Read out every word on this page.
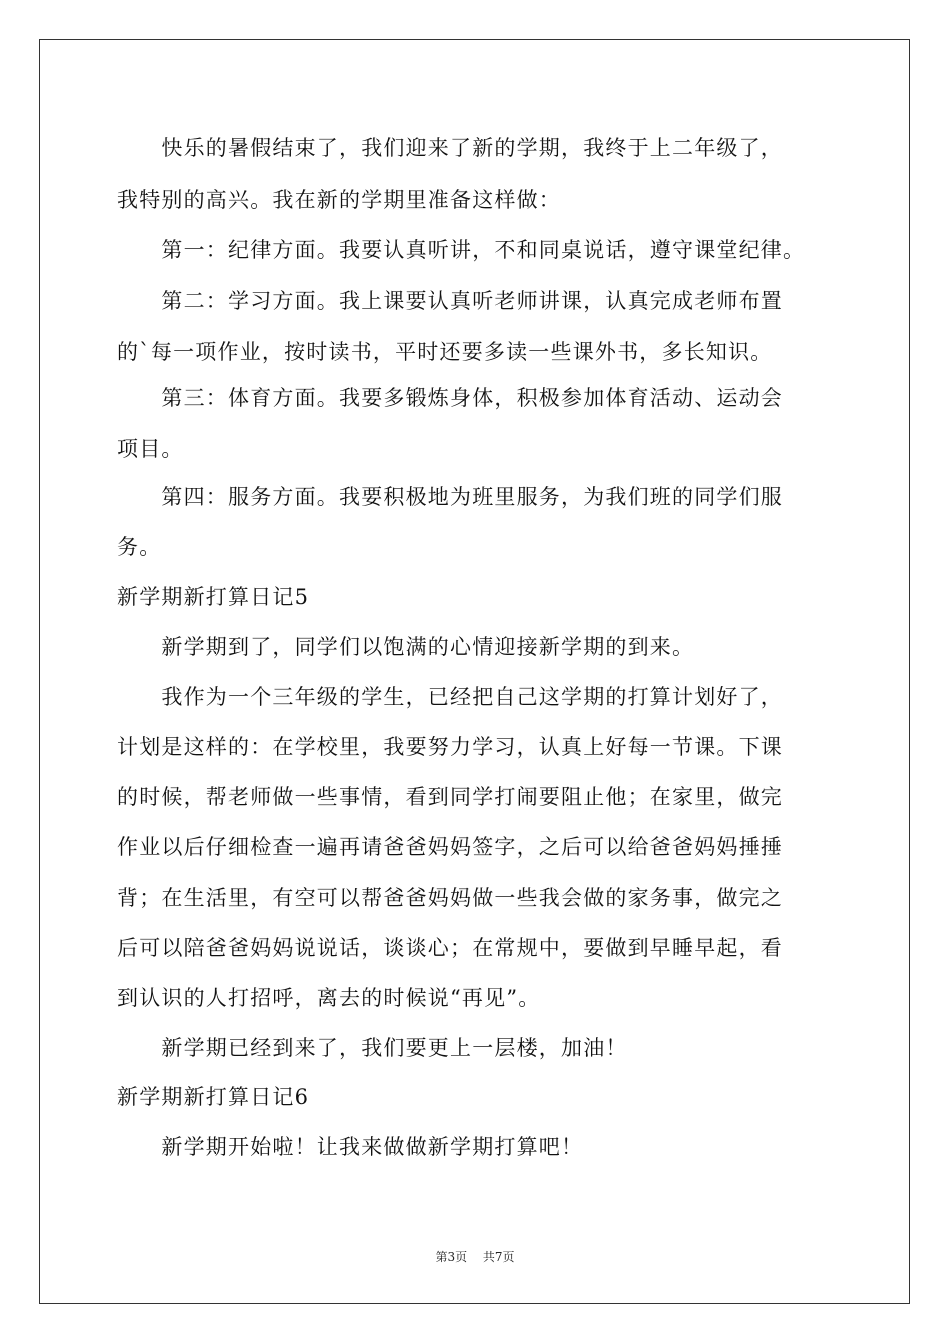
　　快乐的暑假结束了，我们迎来了新的学期，我终于上二年级了，
我特别的高兴。我在新的学期里准备这样做：
　　第一：纪律方面。我要认真听讲，不和同桌说话，遵守课堂纪律。
　　第二：学习方面。我上课要认真听老师讲课，认真完成老师布置
的`每一项作业，按时读书，平时还要多读一些课外书，多长知识。
　　第三：体育方面。我要多锻炼身体，积极参加体育活动、运动会
项目。
　　第四：服务方面。我要积极地为班里服务，为我们班的同学们服
务。
新学期新打算日记5
　　新学期到了，同学们以饱满的心情迎接新学期的到来。
　　我作为一个三年级的学生，已经把自己这学期的打算计划好了，
计划是这样的：在学校里，我要努力学习，认真上好每一节课。下课
的时候，帮老师做一些事情，看到同学打闹要阻止他；在家里，做完
作业以后仔细检查一遍再请爸爸妈妈签字，之后可以给爸爸妈妈捶捶
背；在生活里，有空可以帮爸爸妈妈做一些我会做的家务事，做完之
后可以陪爸爸妈妈说说话，谈谈心；在常规中，要做到早睡早起，看
到认识的人打招呼，离去的时候说“再见”。
　　新学期已经到来了，我们要更上一层楼，加油！
新学期新打算日记6
　　新学期开始啦！让我来做做新学期打算吧！
第3页 共7页
